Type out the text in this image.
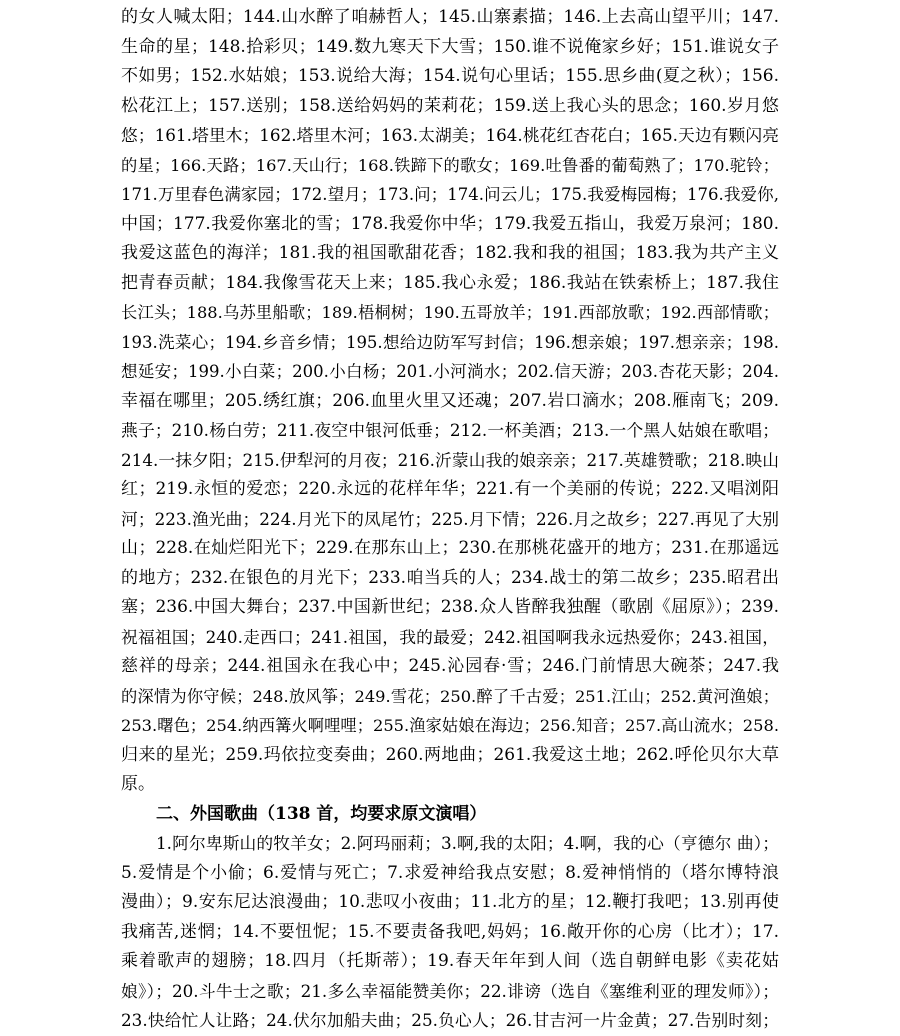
的女人喊太阳；144.山水醉了咱赫哲人；145.山寨素描；146.上去高山望平川；147.
生命的星；148.拾彩贝；149.数九寒天下大雪；150.谁不说俺家乡好；151.谁说女子
不如男；152.水姑娘；153.说给大海；154.说句心里话；155.思乡曲(夏之秋）；156.
松花江上；157.送别；158.送给妈妈的茉莉花；159.送上我心头的思念；160.岁月悠
悠；161.塔里木；162.塔里木河；163.太湖美；164.桃花红杏花白；165.天边有颗闪亮
的星；166.天路；167.天山行；168.铁蹄下的歌女；169.吐鲁番的葡萄熟了；170.驼铃；
171.万里春色满家园；172.望月；173.问；174.问云儿；175.我爱梅园梅；176.我爱你,
中国；177.我爱你塞北的雪；178.我爱你中华；179.我爱五指山，我爱万泉河；180.
我爱这蓝色的海洋；181.我的祖国歌甜花香；182.我和我的祖国；183.我为共产主义
把青春贡献；184.我像雪花天上来；185.我心永爱；186.我站在铁索桥上；187.我住
长江头；188.乌苏里船歌；189.梧桐树；190.五哥放羊；191.西部放歌；192.西部情歌；
193.洗菜心；194.乡音乡情；195.想给边防军写封信；196.想亲娘；197.想亲亲；198.
想延安；199.小白菜；200.小白杨；201.小河淌水；202.信天游；203.杏花天影；204.
幸福在哪里；205.绣红旗；206.血里火里又还魂；207.岩口滴水；208.雁南飞；209.
燕子；210.杨白劳；211.夜空中银河低垂；212.一杯美酒；213.一个黑人姑娘在歌唱；
214.一抹夕阳；215.伊犁河的月夜；216.沂蒙山我的娘亲亲；217.英雄赞歌；218.映山
红；219.永恒的爱恋；220.永远的花样年华；221.有一个美丽的传说；222.又唱浏阳
河；223.渔光曲；224.月光下的凤尾竹；225.月下情；226.月之故乡；227.再见了大别
山；228.在灿烂阳光下；229.在那东山上；230.在那桃花盛开的地方；231.在那遥远
的地方；232.在银色的月光下；233.咱当兵的人；234.战士的第二故乡；235.昭君出
塞；236.中国大舞台；237.中国新世纪；238.众人皆醉我独醒（歌剧《屈原》）；239.
祝福祖国；240.走西口；241.祖国，我的最爱；242.祖国啊我永远热爱你；243.祖国，
慈祥的母亲；244.祖国永在我心中；245.沁园春·雪；246.门前情思大碗茶；247.我
的深情为你守候；248.放风筝；249.雪花；250.醉了千古爱；251.江山；252.黄河渔娘；
253.曙色；254.纳西篝火啊哩哩；255.渔家姑娘在海边；256.知音；257.高山流水；258.
归来的星光；259.玛依拉变奏曲；260.两地曲；261.我爱这土地；262.呼伦贝尔大草
原。
二、外国歌曲（138 首，均要求原文演唱）
1.阿尔卑斯山的牧羊女；2.阿玛丽莉；3.啊,我的太阳；4.啊，我的心（亨德尔 曲）；
5.爱情是个小偷；6.爱情与死亡；7.求爱神给我点安慰；8.爱神悄悄的（塔尔博特浪
漫曲）；9.安东尼达浪漫曲；10.悲叹小夜曲；11.北方的星；12.鞭打我吧；13.别再使
我痛苦,迷惘；14.不要忸怩；15.不要责备我吧,妈妈；16.敞开你的心房（比才）；17.
乘着歌声的翅膀；18.四月（托斯蒂）；19.春天年年到人间（选自朝鲜电影《卖花姑
娘》）；20.斗牛士之歌；21.多么幸福能赞美你；22.诽谤（选自《塞维利亚的理发师》）；
23.快给忙人让路；24.伏尔加船夫曲；25.负心人；26.甘吉河一片金黄；27.告别时刻；
